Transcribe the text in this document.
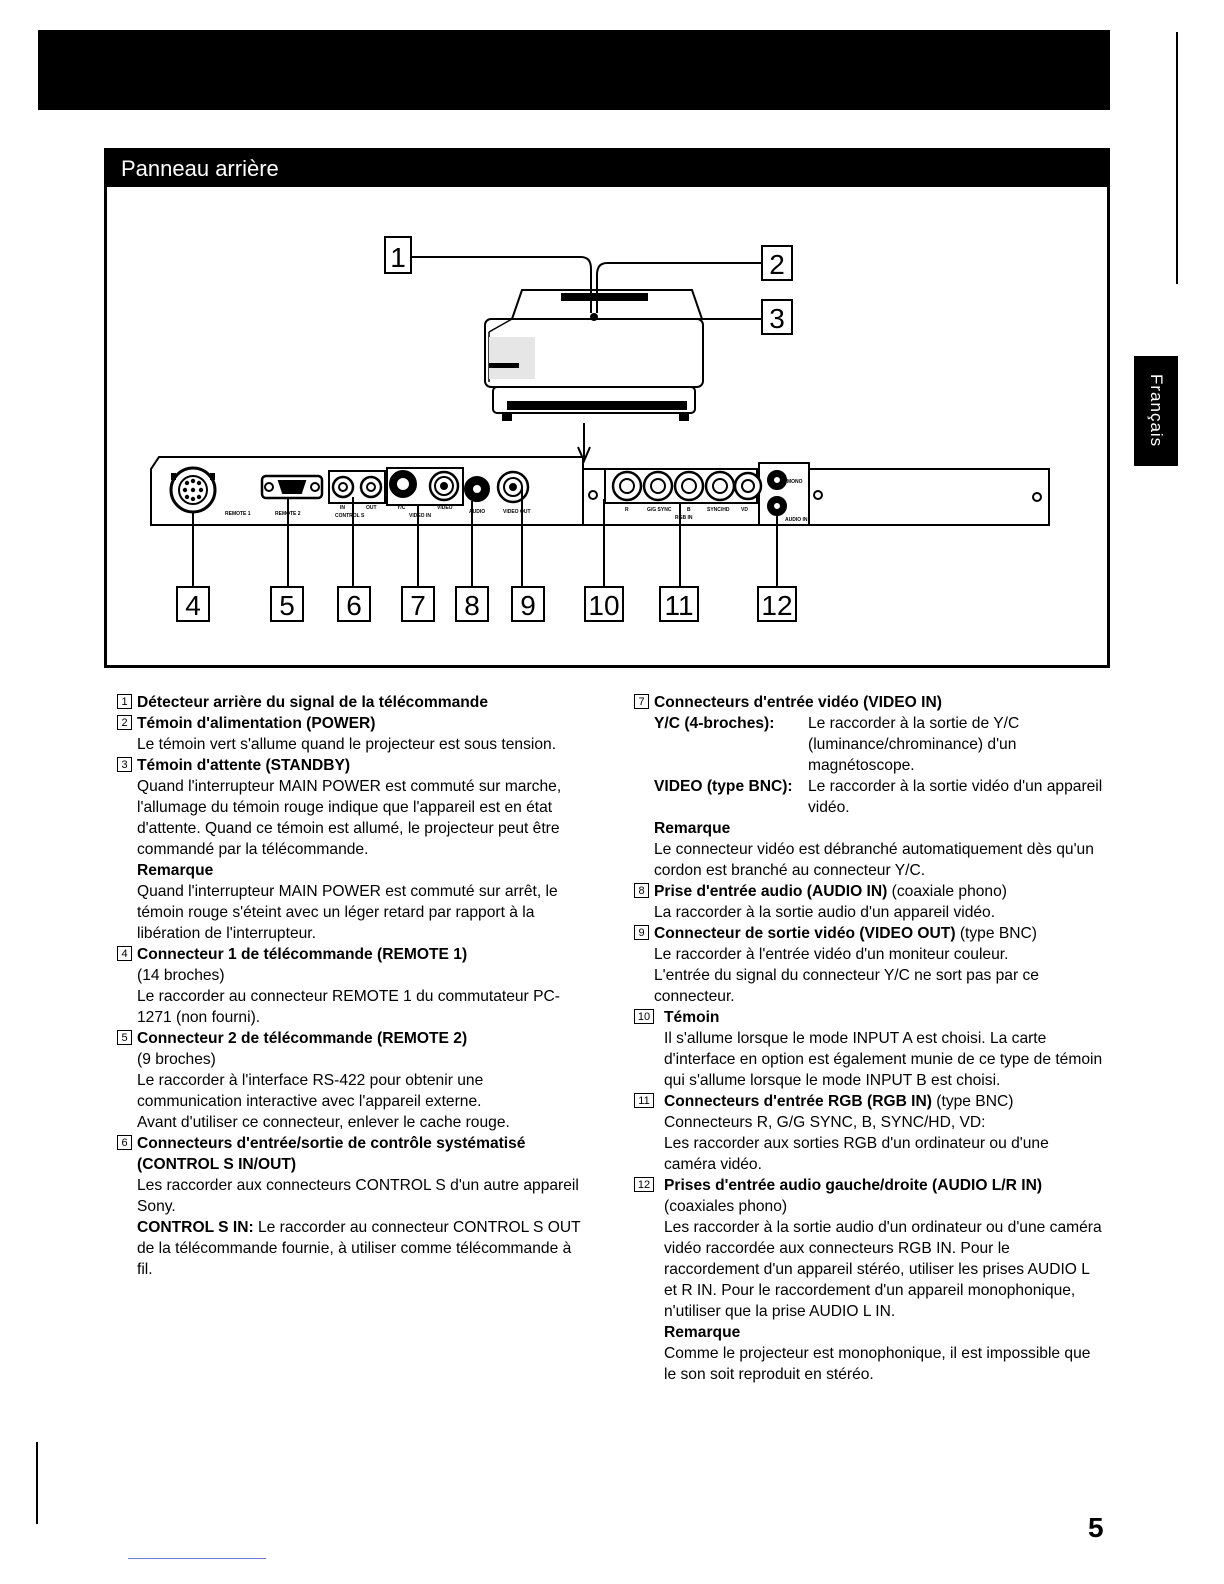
Français
Panneau arrière
1	2
3
REMOTE 1	REMOTE 2
IN	OUT
CONTROL S
Y/C	VIDEO
VIDEO IN
AUDIO	VIDEO OUT	R	G/G SYNC	B	SYNC/HD VD
RGB IN
MONO
AUDIO IN
4	5 6 7 8 9 10 11 12
1 Détecteur arrière du signal de la télécommande
2 Témoin d'alimentation (POWER)

Le témoin vert s'allume quand le projecteur est sous tension.

3 Témoin d'attente (STANDBY)

Quand l'interrupteur MAIN POWER est commuté sur marche, l'allumage du témoin rouge indique que l'appareil est en état d'attente. Quand ce témoin est allumé, le projecteur peut être commandé par la télécommande.

Remarque

Quand l'interrupteur MAIN POWER est commuté sur arrêt, le témoin rouge s'éteint avec un léger retard par rapport à la libération de l'interrupteur.

4 Connecteur 1 de télécommande (REMOTE 1)

(14 broches)

Le raccorder au connecteur REMOTE 1 du commutateur PC-1271 (non fourni).

5 Connecteur 2 de télécommande (REMOTE 2)

(9 broches)

Le raccorder à l'interface RS-422 pour obtenir une communication interactive avec l'appareil externe.

Avant d'utiliser ce connecteur, enlever le cache rouge.

6 Connecteurs d'entrée/sortie de contrôle systématisé (CONTROL S IN/OUT)

Les raccorder aux connecteurs CONTROL S d'un autre appareil Sony.

CONTROL S IN: Le raccorder au connecteur CONTROL S OUT de la télécommande fournie, à utiliser comme télécommande à fil.

7 Connecteurs d'entrée vidéo (VIDEO IN)
Y/C (4-broches):	Le raccorder à la sortie de Y/C (luminance/chrominance) d'un magnétoscope.
VIDEO (type BNC): Le raccorder à la sortie vidéo d'un appareil vidéo.
Remarque

Le connecteur vidéo est débranché automatiquement dès qu'un cordon est branché au connecteur Y/C.

8 Prise d'entrée audio (AUDIO IN) (coaxiale phono)

La raccorder à la sortie audio d'un appareil vidéo.

9 Connecteur de sortie vidéo (VIDEO OUT) (type BNC)

Le raccorder à l'entrée vidéo d'un moniteur couleur.

L'entrée du signal du connecteur Y/C ne sort pas par ce connecteur.

10 Témoin

Il s'allume lorsque le mode INPUT A est choisi. La carte d'interface en option est également munie de ce type de témoin qui s'allume lorsque le mode INPUT B est choisi.

11 Connecteurs d'entrée RGB (RGB IN) (type BNC)

Connecteurs R, G/G SYNC, B, SYNC/HD, VD:

Les raccorder aux sorties RGB d'un ordinateur ou d'une caméra vidéo.

12 Prises d'entrée audio gauche/droite (AUDIO L/R IN)

(coaxiales phono)

Les raccorder à la sortie audio d'un ordinateur ou d'une caméra vidéo raccordée aux connecteurs RGB IN. Pour le raccordement d'un appareil stéréo, utiliser les prises AUDIO L et R IN. Pour le raccordement d'un appareil monophonique, n'utiliser que la prise AUDIO L IN.

Remarque

Comme le projecteur est monophonique, il est impossible que le son soit reproduit en stéréo.

5
